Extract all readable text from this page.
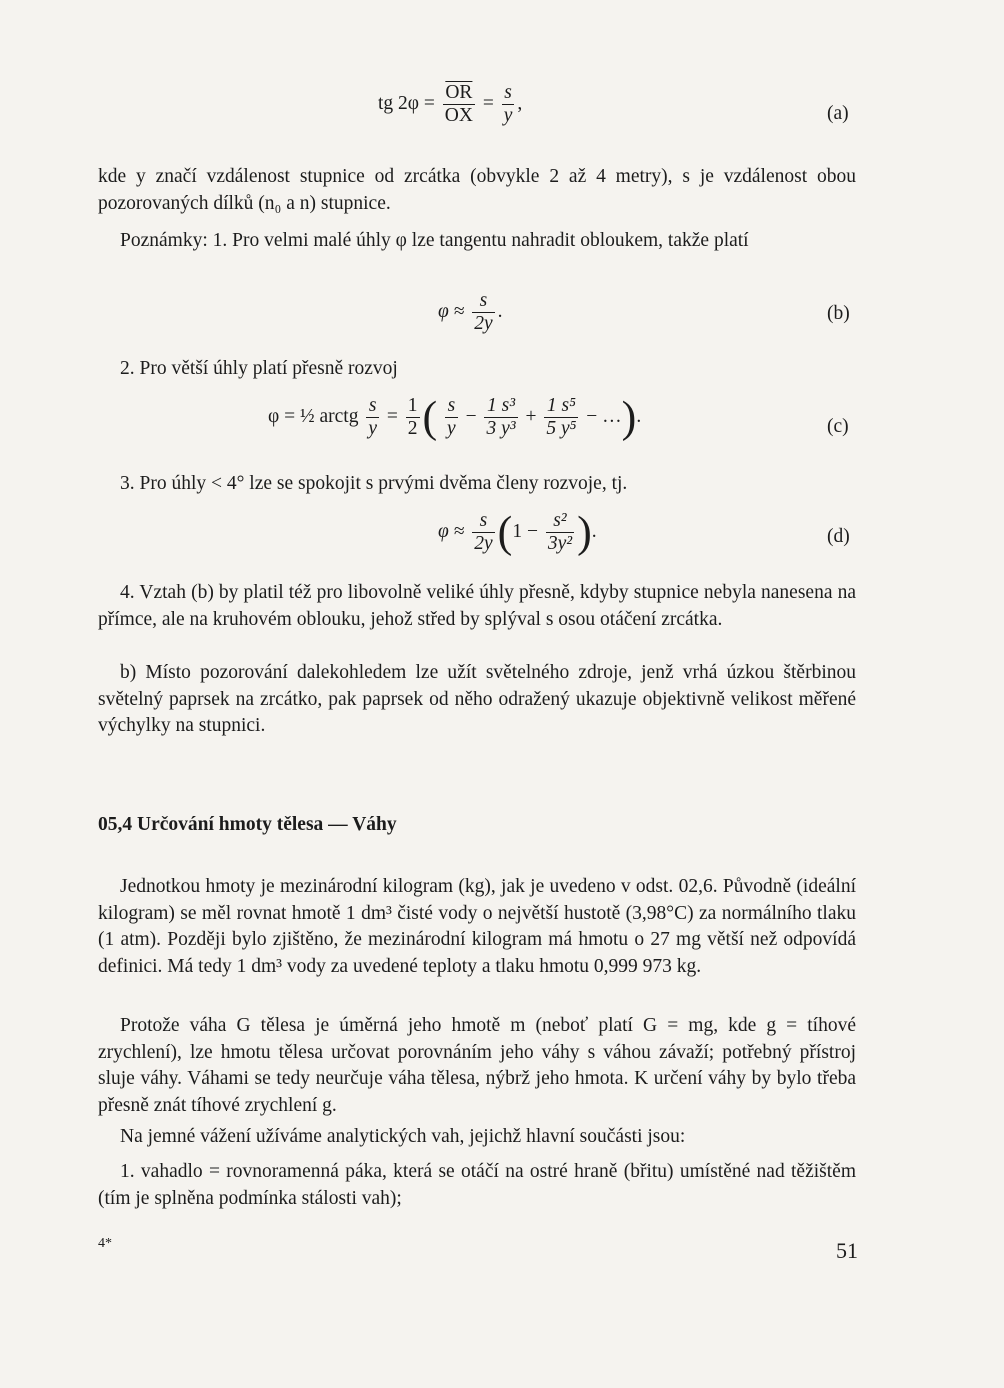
tg $2\varphi = \frac{\overline{OR}}{OX} = \frac{s}{y}$ ,	(a)
kde y značí vzdálenost stupnice od zrcátka (obvykle 2 až 4 metry), s je vzdálenost obou pozorovaných dílků (n₀ a n) stupnice.
Poznámky: 1. Pro velmi malé úhly φ lze tangentu nahradit obloukem, takže platí
$\varphi \approx \frac{s}{2y}$ .	(b)
2. Pro větší úhly platí přesně rozvoj
φ = ½ arctg $\frac{s}{y} = \frac{1}{2}$ ( $\frac{s}{y} - \frac{\text{1 s³}}{\text{3 y³}} + \frac{\text{1 s⁵}}{\text{5 y⁵}}$ − …).	(c)
3. Pro úhly < 4° lze se spokojit s prvými dvěma členy rozvoje, tj.
$\varphi \approx \frac{s}{2y} (1 - \frac{\text{s²}}{\text{3y²}}$ ).	(d)
4. Vztah (b) by platil též pro libovolně veliké úhly přesně, kdyby stupnice nebyla nanesena na přímce, ale na kruhovém oblouku, jehož střed by splýval s osou otáčení zrcátka.
b) Místo pozorování dalekohledem lze užít světelného zdroje, jenž vrhá úzkou štěrbinou světelný paprsek na zrcátko, pak paprsek od něho odražený ukazuje objektivně velikost měřené výchylky na stupnici.
05,4 Určování hmoty tělesa — Váhy
Jednotkou hmoty je mezinárodní kilogram (kg), jak je uvedeno v odst. 02,6. Původně (ideální kilogram) se měl rovnat hmotě 1 dm³ čisté vody o největší hustotě (3,98°C) za normálního tlaku (1 atm). Později bylo zjištěno, že mezinárodní kilogram má hmotu o 27 mg větší než odpovídá definici. Má tedy 1 dm³ vody za uvedené teploty a tlaku hmotu 0,999 973 kg.
Protože váha G tělesa je úměrná jeho hmotě m (neboť platí G = mg, kde g = tíhové zrychlení), lze hmotu tělesa určovat porovnáním jeho váhy s váhou závaží; potřebný přístroj sluje váhy. Váhami se tedy neurčuje váha tělesa, nýbrž jeho hmota. K určení váhy by bylo třeba přesně znát tíhové zrychlení g.
Na jemné vážení užíváme analytických vah, jejichž hlavní součásti jsou:
1. vahadlo = rovnoramenná páka, která se otáčí na ostré hraně (břitu) umístěné nad těžištěm (tím je splněna podmínka stálosti vah);
4*	51
